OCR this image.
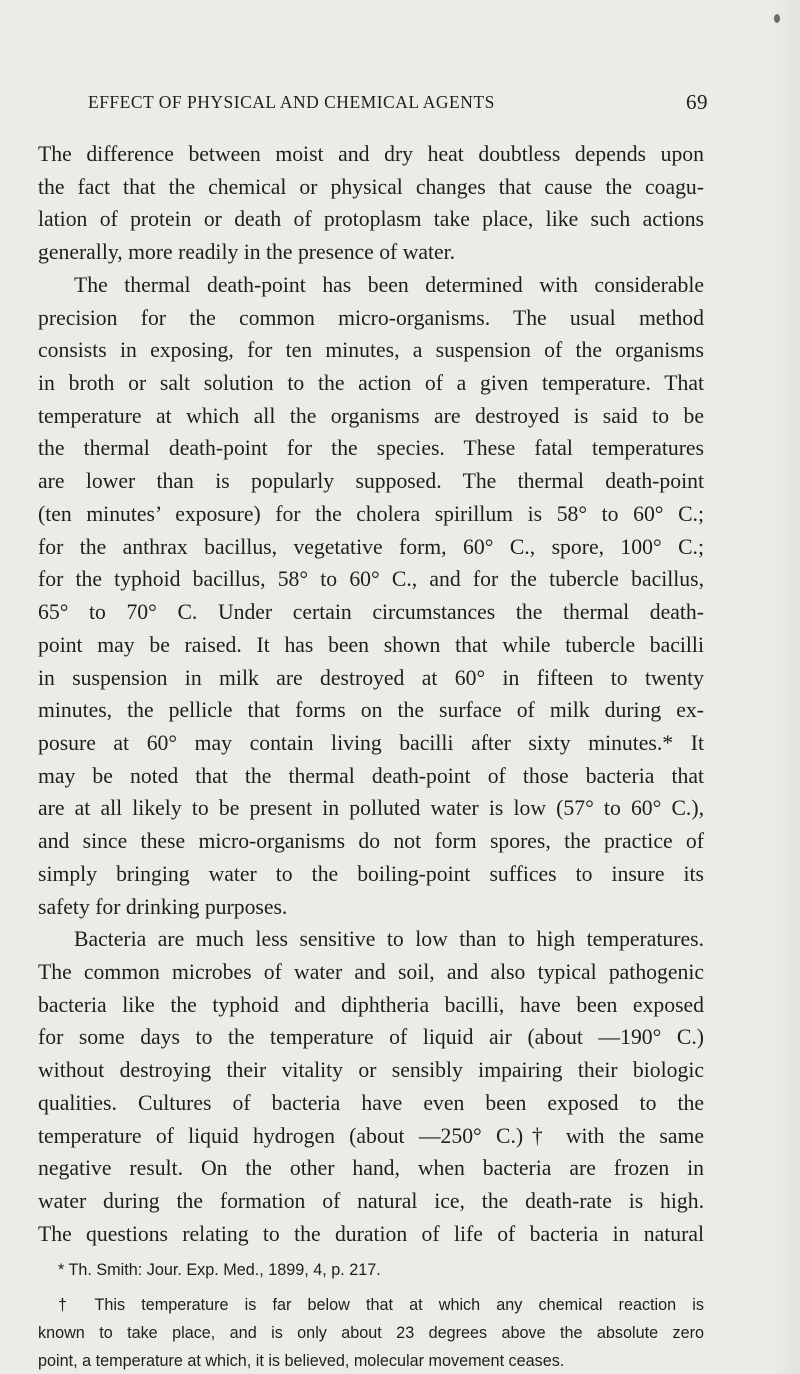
EFFECT OF PHYSICAL AND CHEMICAL AGENTS	69
The difference between moist and dry heat doubtless depends upon
the fact that the chemical or physical changes that cause the coagu-
lation of protein or death of protoplasm take place, like such actions
generally, more readily in the presence of water.
The thermal death-point has been determined with considerable
precision for the common micro-organisms. The usual method
consists in exposing, for ten minutes, a suspension of the organisms
in broth or salt solution to the action of a given temperature. That
temperature at which all the organisms are destroyed is said to be
the thermal death-point for the species. These fatal temperatures
are lower than is popularly supposed. The thermal death-point
(ten minutes’ exposure) for the cholera spirillum is 58° to 60° C.;
for the anthrax bacillus, vegetative form, 60° C., spore, 100° C.;
for the typhoid bacillus, 58° to 60° C., and for the tubercle bacillus,
65° to 70° C. Under certain circumstances the thermal death-
point may be raised. It has been shown that while tubercle bacilli
in suspension in milk are destroyed at 60° in fifteen to twenty
minutes, the pellicle that forms on the surface of milk during ex-
posure at 60° may contain living bacilli after sixty minutes.* It
may be noted that the thermal death-point of those bacteria that
are at all likely to be present in polluted water is low (57° to 60° C.),
and since these micro-organisms do not form spores, the practice of
simply bringing water to the boiling-point suffices to insure its
safety for drinking purposes.
Bacteria are much less sensitive to low than to high temperatures.
The common microbes of water and soil, and also typical pathogenic
bacteria like the typhoid and diphtheria bacilli, have been exposed
for some days to the temperature of liquid air (about —190° C.)
without destroying their vitality or sensibly impairing their biologic
qualities. Cultures of bacteria have even been exposed to the
temperature of liquid hydrogen (about —250° C.)† with the same
negative result. On the other hand, when bacteria are frozen in
water during the formation of natural ice, the death-rate is high.
The questions relating to the duration of life of bacteria in natural
* Th. Smith: Jour. Exp. Med., 1899, 4, p. 217.
† This temperature is far below that at which any chemical reaction is
known to take place, and is only about 23 degrees above the absolute zero
point, a temperature at which, it is believed, molecular movement ceases.
